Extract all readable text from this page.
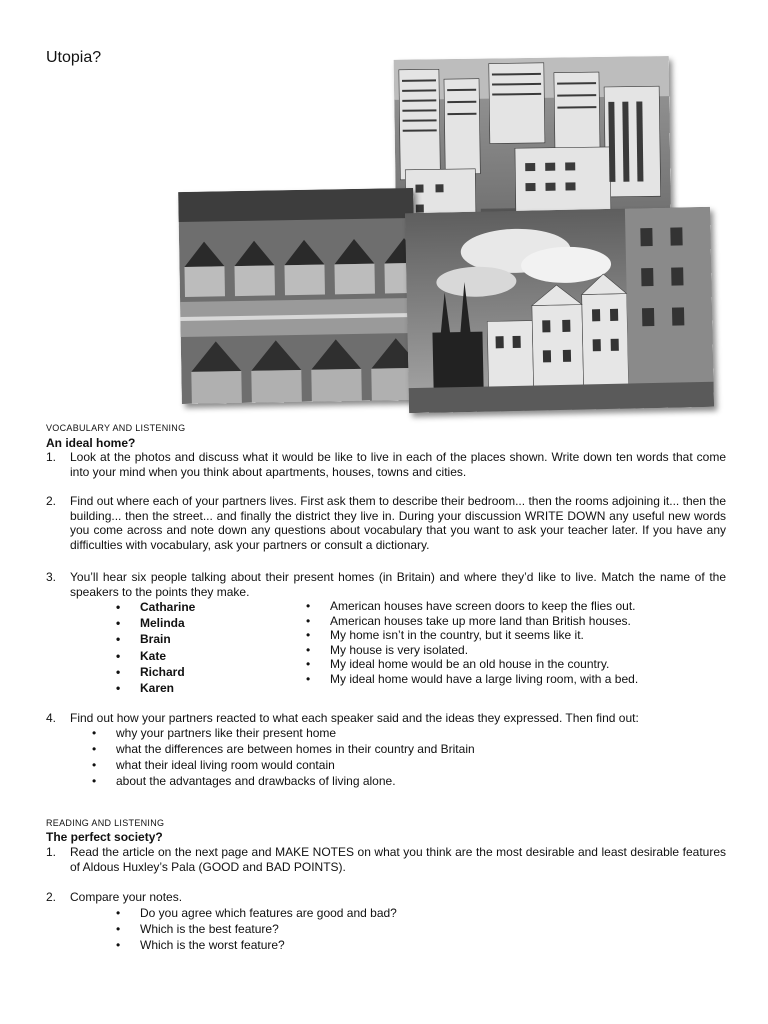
Utopia?
VOCABULARY AND LISTENING
An ideal home?
1. Look at the photos and discuss what it would be like to live in each of the places shown. Write down ten words that come into your mind when you think about apartments, houses, towns and cities.
2. Find out where each of your partners lives. First ask them to describe their bedroom... then the rooms adjoining it... then the building... then the street... and finally the district they live in. During your discussion WRITE DOWN any useful new words you come across and note down any questions about vocabulary that you want to ask your teacher later. If you have any difficulties with vocabulary, ask your partners or consult a dictionary.
3. You’ll hear six people talking about their present homes (in Britain) and where they’d like to live. Match the name of the speakers to the points they make.
• Catharine
• Melinda
• Brain
• Kate
• Richard
• Karen
• American houses have screen doors to keep the flies out.
• American houses take up more land than British houses.
• My home isn’t in the country, but it seems like it.
• My house is very isolated.
• My ideal home would be an old house in the country.
• My ideal home would have a large living room, with a bed.
4. Find out how your partners reacted to what each speaker said and the ideas they expressed. Then find out:
• why your partners like their present home
• what the differences are between homes in their country and Britain
• what their ideal living room would contain
• about the advantages and drawbacks of living alone.
READING AND LISTENING
The perfect society?
1. Read the article on the next page and MAKE NOTES on what you think are the most desirable and least desirable features of Aldous Huxley’s Pala (GOOD and BAD POINTS).
2. Compare your notes.
• Do you agree which features are good and bad?
• Which is the best feature?
• Which is the worst feature?
